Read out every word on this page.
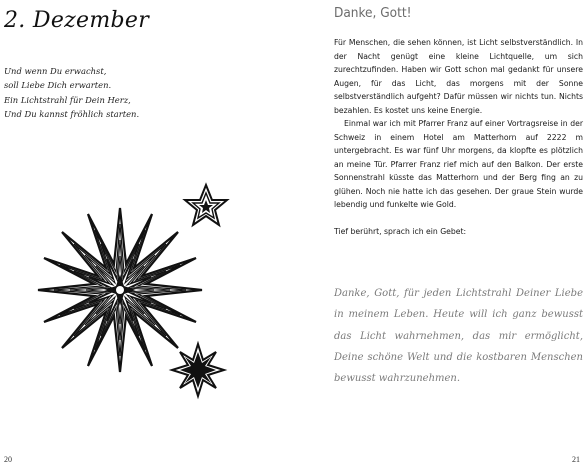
2. Dezember
Und wenn Du erwachst,
soll Liebe Dich erwarten.
Ein Lichtstrahl für Dein Herz,
Und Du kannst fröhlich starten.
20
Danke, Gott!

Für Menschen, die sehen können, ist Licht selbstverständlich. In der Nacht genügt eine kleine Lichtquelle, um sich zurechtzufinden. Haben wir Gott schon mal gedankt für unsere Augen, für das Licht, das morgens mit der Sonne selbstverständlich aufgeht? Dafür müssen wir nichts tun. Nichts bezahlen. Es kostet uns keine Energie.

Einmal war ich mit Pfarrer Franz auf einer Vortragsreise in der Schweiz in einem Hotel am Matterhorn auf 2222 m untergebracht. Es war fünf Uhr morgens, da klopfte es plötzlich an meine Tür. Pfarrer Franz rief mich auf den Balkon. Der erste Sonnenstrahl küsste das Matterhorn und der Berg fing an zu glühen. Noch nie hatte ich das gesehen. Der graue Stein wurde lebendig und funkelte wie Gold.

Tief berührt, sprach ich ein Gebet:

Danke, Gott, für jeden Lichtstrahl Deiner Liebe in meinem Leben. Heute will ich ganz bewusst das Licht wahrnehmen, das mir ermöglicht, Deine schöne Welt und die kostbaren Menschen bewusst wahrzunehmen.
21
